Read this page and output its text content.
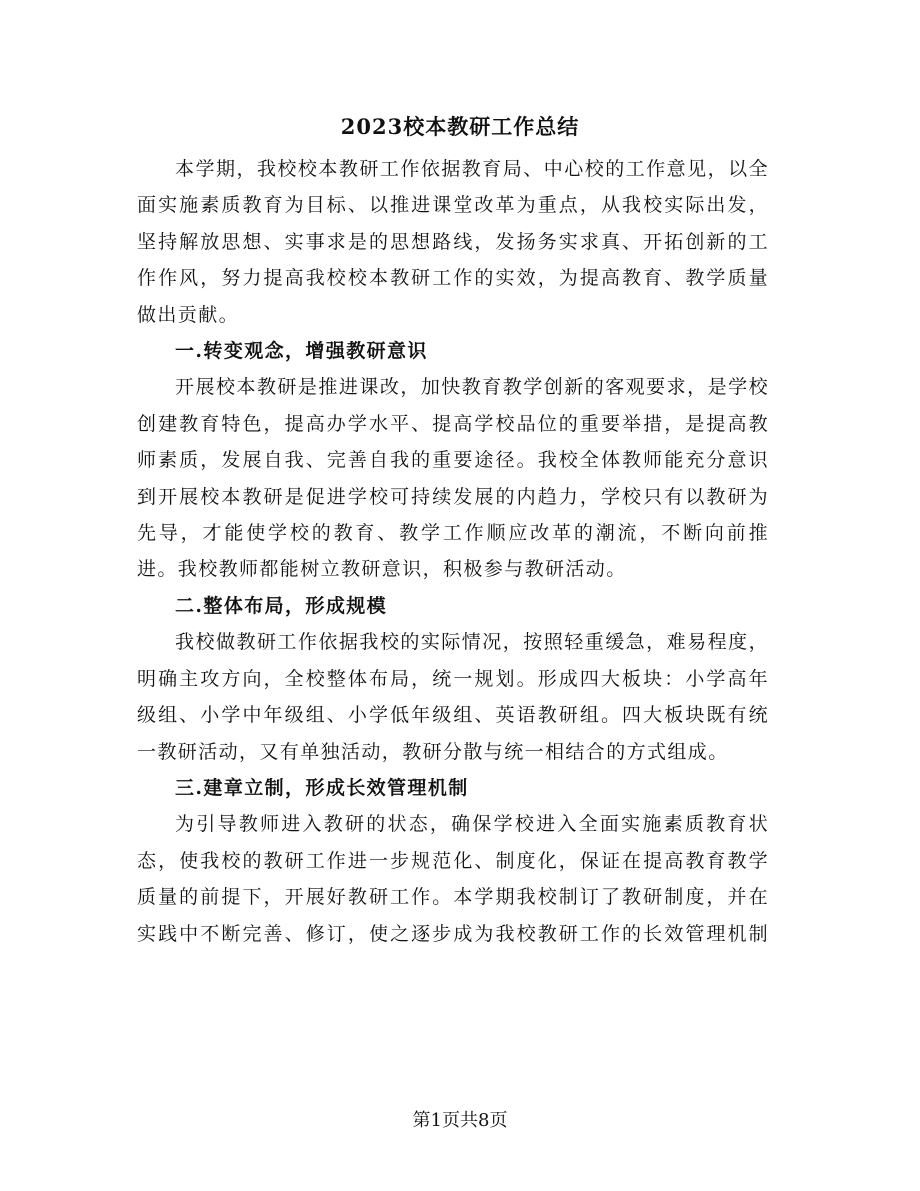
2023校本教研工作总结

本学期，我校校本教研工作依据教育局、中心校的工作意见，以全面实施素质教育为目标、以推进课堂改革为重点，从我校实际出发，坚持解放思想、实事求是的思想路线，发扬务实求真、开拓创新的工作作风，努力提高我校校本教研工作的实效，为提高教育、教学质量做出贡献。

一.转变观念，增强教研意识

开展校本教研是推进课改，加快教育教学创新的客观要求，是学校创建教育特色，提高办学水平、提高学校品位的重要举措，是提高教师素质，发展自我、完善自我的重要途径。我校全体教师能充分意识到开展校本教研是促进学校可持续发展的内趋力，学校只有以教研为先导，才能使学校的教育、教学工作顺应改革的潮流，不断向前推进。我校教师都能树立教研意识，积极参与教研活动。

二.整体布局，形成规模

我校做教研工作依据我校的实际情况，按照轻重缓急，难易程度，明确主攻方向，全校整体布局，统一规划。形成四大板块：小学高年级组、小学中年级组、小学低年级组、英语教研组。四大板块既有统一教研活动，又有单独活动，教研分散与统一相结合的方式组成。

三.建章立制，形成长效管理机制

为引导教师进入教研的状态，确保学校进入全面实施素质教育状态，使我校的教研工作进一步规范化、制度化，保证在提高教育教学质量的前提下，开展好教研工作。本学期我校制订了教研制度，并在实践中不断完善、修订，使之逐步成为我校教研工作的长效管理机制

第1页共8页
